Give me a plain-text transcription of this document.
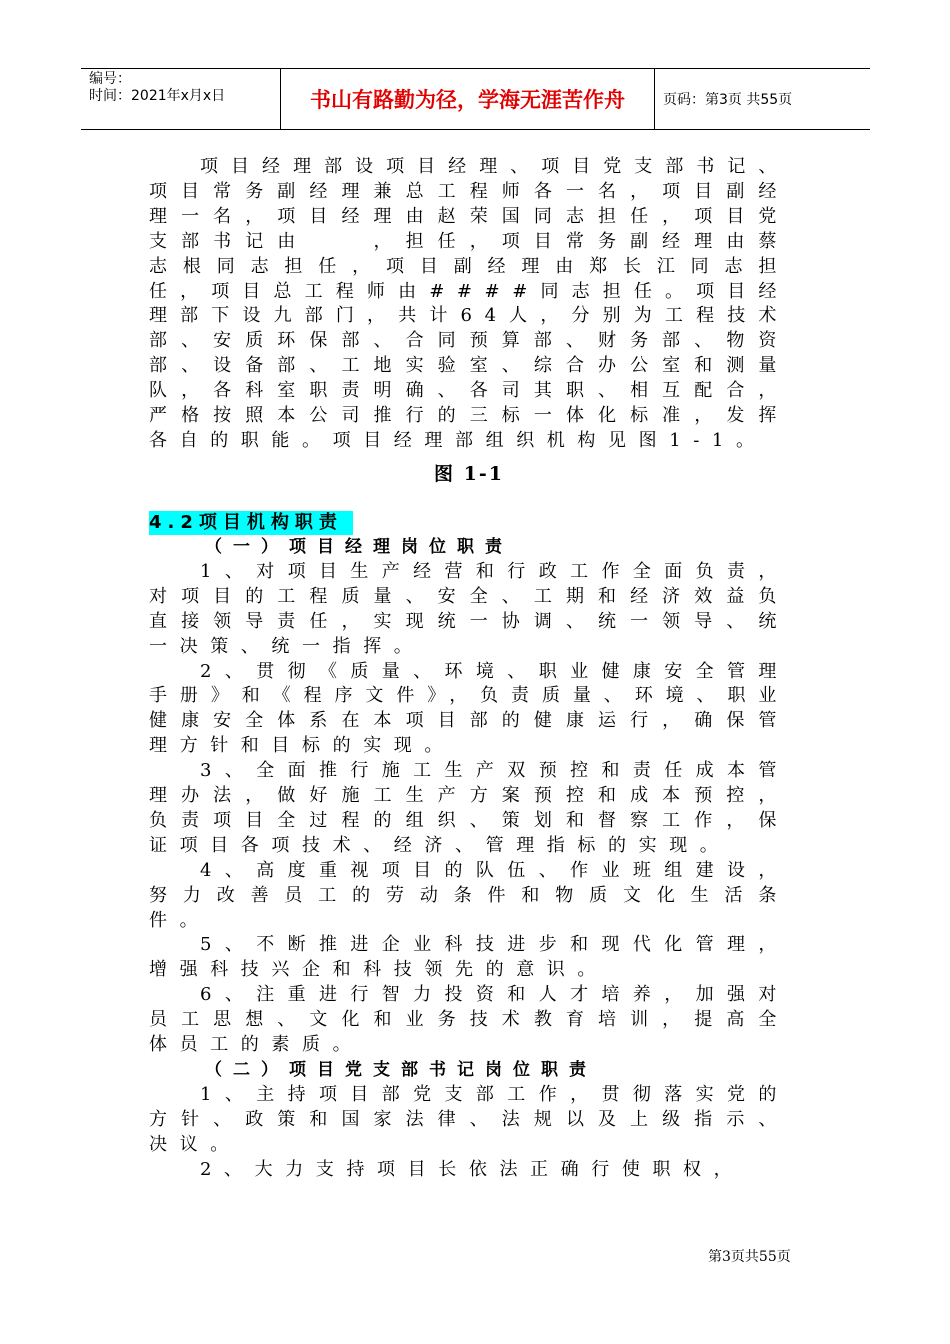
编号：
时间：2021年x月x日	书山有路勤为径，学海无涯苦作舟	页码：第3页 共55页

项目经理部设项目经理、项目党支部书记、项目常务副经理兼总工程师各一名，项目副经理一名，项目经理由赵荣国同志担任，项目党支部书记由　　，担任，项目常务副经理由蔡志根同志担任，项目副经理由郑长江同志担任，项目总工程师由####同志担任。项目经理部下设九部门，共计64人，分别为工程技术部、安质环保部、合同预算部、财务部、物资部、设备部、工地实验室、综合办公室和测量队，各科室职责明确、各司其职、相互配合，严格按照本公司推行的三标一体化标准，发挥各自的职能。项目经理部组织机构见图1-1。

图 1-1
4.2项目机构职责

（一）项目经理岗位职责

1、对项目生产经营和行政工作全面负责，对项目的工程质量、安全、工期和经济效益负直接领导责任，实现统一协调、统一领导、统一决策、统一指挥。

2、贯彻《质量、环境、职业健康安全管理手册》和《程序文件》，负责质量、环境、职业健康安全体系在本项目部的健康运行，确保管理方针和目标的实现。

3、全面推行施工生产双预控和责任成本管理办法，做好施工生产方案预控和成本预控，负责项目全过程的组织、策划和督察工作，保证项目各项技术、经济、管理指标的实现。

4、高度重视项目的队伍、作业班组建设，努力改善员工的劳动条件和物质文化生活条件。

5、不断推进企业科技进步和现代化管理，增强科技兴企和科技领先的意识。

6、注重进行智力投资和人才培养，加强对员工思想、文化和业务技术教育培训，提高全体员工的素质。

（二）项目党支部书记岗位职责

1、主持项目部党支部工作，贯彻落实党的方针、政策和国家法律、法规以及上级指示、决议。

2、大力支持项目长依法正确行使职权，

第3页共55页
